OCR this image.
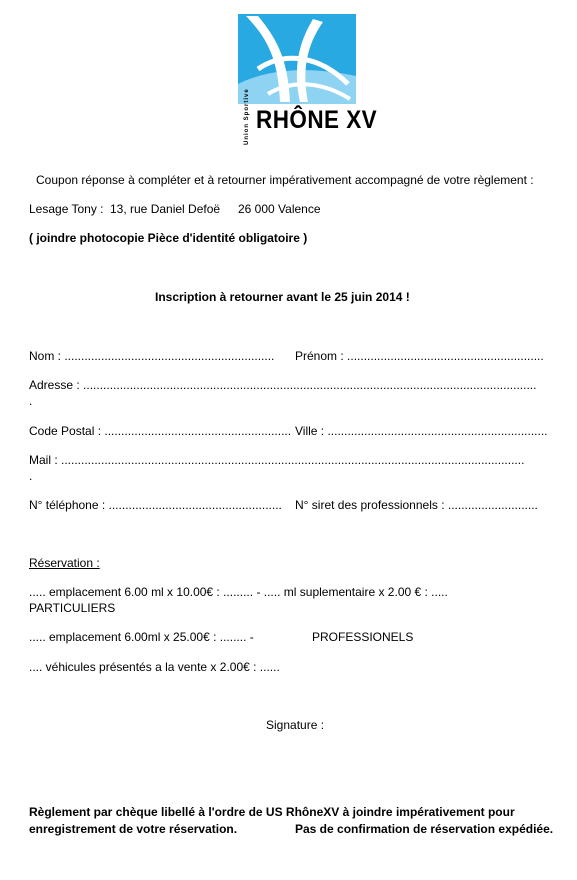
Union Sportive RHÔNE XV
Coupon réponse à compléter et à retourner impérativement accompagné de votre règlement :
Lesage Tony : 13, rue Daniel Defoë 26 000 Valence
( joindre photocopie Pièce d'identité obligatoire )
Inscription à retourner avant le 25 juin 2014 !
Nom : ............................................................... Prénom : ...........................................................
Adresse : ........................................................................................................................................
.
Code Postal : ........................................................ Ville : ..................................................................
Mail : ...........................................................................................................................................
.
N° téléphone : .................................................... N° siret des professionnels : ...........................
Réservation :
..... emplacement 6.00 ml x 10.00€ : ......... - ..... ml suplementaire x 2.00 € : .....
PARTICULIERS
..... emplacement 6.00ml x 25.00€ : ........ -	PROFESSIONELS
.... véhicules présentés a la vente x 2.00€ : ......
Signature :
Règlement par chèque libellé à l'ordre de US RhôneXV à joindre impérativement pour
enregistrement de votre réservation.	Pas de confirmation de réservation expédiée.
